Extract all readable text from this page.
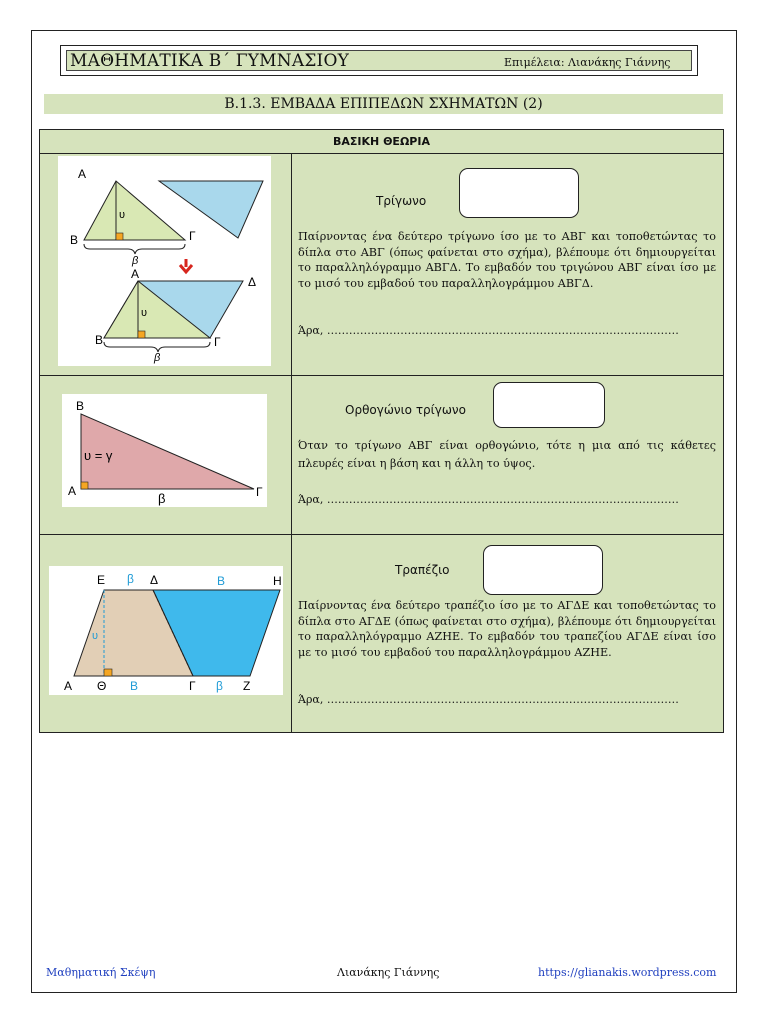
ΜΑΘΗΜΑΤΙΚΑ Β΄ ΓΥΜΝΑΣΙΟΥ	Επιμέλεια: Λιανάκης Γιάννης
Β.1.3. ΕΜΒΑΔΑ ΕΠΙΠΕΔΩΝ ΣΧΗΜΑΤΩΝ (2)
ΒΑΣΙΚΗ ΘΕΩΡΙΑ
Α
Β	Γ
υ
β
Α
Δ
Β	Γ
υ
β
Τρίγωνο
Παίρνοντας ένα δεύτερο τρίγωνο ίσο με το ΑΒΓ και τοποθετώντας το δίπλα στο ΑΒΓ (όπως φαίνεται στο σχήμα), βλέπουμε ότι δημιουργείται το παραλληλόγραμμο ΑΒΓΔ. Το εμβαδόν του τριγώνου ΑΒΓ είναι ίσο με το μισό του εμβαδού του παραλληλογράμμου ΑΒΓΔ.
Άρα, ……………………………………………………………………………………
Β
υ = γ
Α	β	Γ
Ορθογώνιο τρίγωνο
Όταν το τρίγωνο ΑΒΓ είναι ορθογώνιο, τότε η μια από τις κάθετες πλευρές είναι η βάση και η άλλη το ύψος.
Άρα, ……………………………………………………………………………………
Ε β Δ	Β	Η
υ
Α Θ Β	Γ β Ζ
Τραπέζιο
Παίρνοντας ένα δεύτερο τραπέζιο ίσο με το ΑΓΔΕ και τοποθετώντας το δίπλα στο ΑΓΔΕ (όπως φαίνεται στο σχήμα), βλέπουμε ότι δημιουργείται το παραλληλόγραμμο ΑΖΗΕ. Το εμβαδόν του τραπεζίου ΑΓΔΕ είναι ίσο με το μισό του εμβαδού του παραλληλογράμμου ΑΖΗΕ.
Άρα, ……………………………………………………………………………………
Μαθηματική Σκέψη	Λιανάκης Γιάννης	https://glianakis.wordpress.com
